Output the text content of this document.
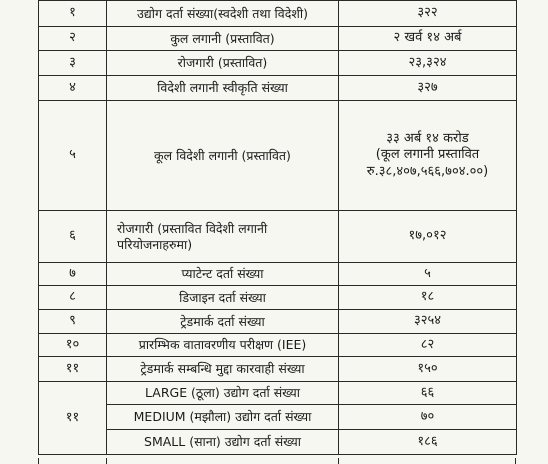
१	उद्योग दर्ता संख्या(स्वदेशी तथा विदेशी)	३२२
२	कुल लगानी (प्रस्तावित)	२ खर्व १४ अर्ब
३	रोजगारी (प्रस्तावित)	२३,३२४
४	विदेशी लगानी स्वीकृति संख्या	३२७
५	कूल विदेशी लगानी (प्रस्तावित)	३३ अर्ब १४ करोड
(कूल लगानी प्रस्तावित
रु.३८,४०७,५६६,७०४.००)

६	रोजगारी (प्रस्तावित विदेशी लगानी
परियोजनाहरुमा)	१७,०१२
७	प्याटेन्ट दर्ता संख्या	५
८	डिजाइन दर्ता संख्या	१८
९	ट्रेडमार्क दर्ता संख्या	३२५४
१०	प्रारम्भिक वातावरणीय परीक्षण (IEE)	८२
११	ट्रेडमार्क सम्बन्धि मुद्दा कारवाही संख्या	१५०
११	LARGE (ठूला) उद्योग दर्ता संख्या	६६
	MEDIUM (मझौला) उद्योग दर्ता संख्या	७०
	SMALL (साना) उद्योग दर्ता संख्या	१८६
